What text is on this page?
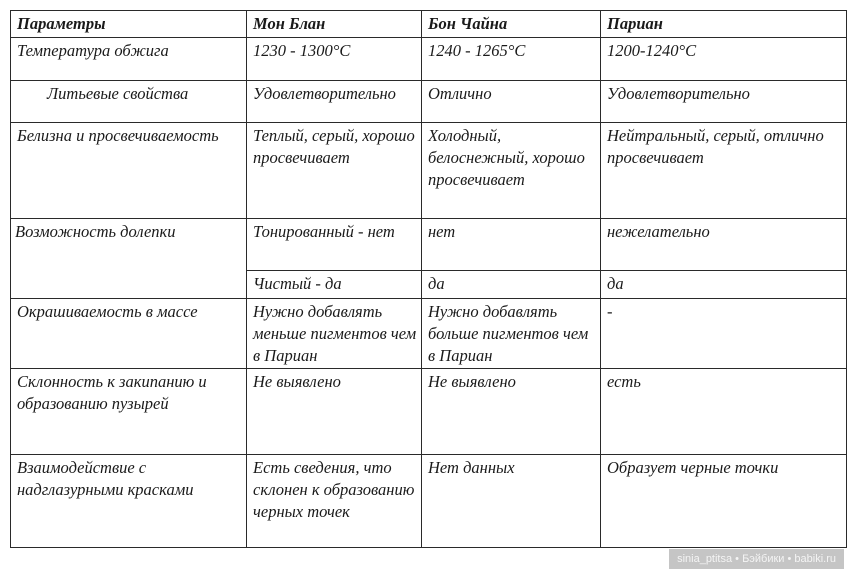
Параметры	Мон Блан	Бон Чайна	Париан
Температура обжига	1230 - 1300°C	1240 - 1265°C	1200-1240°C
Литьевые свойства	Удовлетворительно	Отлично	Удовлетворительно
Белизна и просвечиваемость	Теплый, серый, хорошо просвечивает	Холодный, белоснежный, хорошо просвечивает	Нейтральный, серый, отлично просвечивает
Возможность долепки	Тонированный - нет	нет	нежелательно
	Чистый - да	да	да
Окрашиваемость в массе	Нужно добавлять меньше пигментов чем в Париан	Нужно добавлять больше пигментов чем в Париан	-
Склонность к закипанию и образованию пузырей	Не выявлено	Не выявлено	есть
Взаимодействие с надглазурными красками	Есть сведения, что склонен к образованию черных точек	Нет данных	Образует черные точки
sinia_ptitsa • Бэйбики • babiki.ru
